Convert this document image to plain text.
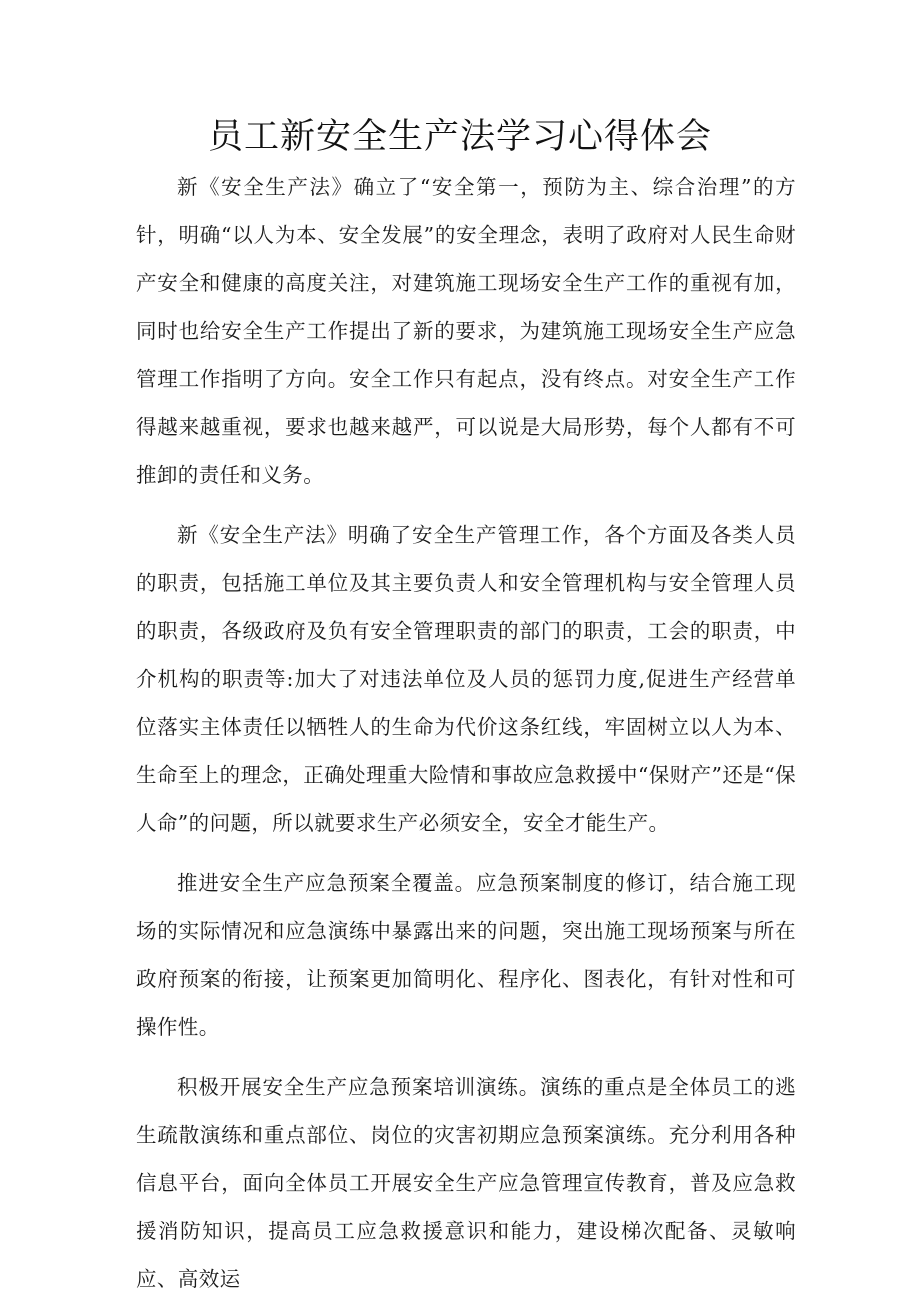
员工新安全生产法学习心得体会

新《安全生产法》确立了“安全第一，预防为主、综合治理”的方针，明确“以人为本、安全发展”的安全理念，表明了政府对人民生命财产安全和健康的高度关注，对建筑施工现场安全生产工作的重视有加，同时也给安全生产工作提出了新的要求，为建筑施工现场安全生产应急管理工作指明了方向。安全工作只有起点，没有终点。对安全生产工作得越来越重视，要求也越来越严，可以说是大局形势，每个人都有不可推卸的责任和义务。

新《安全生产法》明确了安全生产管理工作，各个方面及各类人员的职责，包括施工单位及其主要负责人和安全管理机构与安全管理人员的职责，各级政府及负有安全管理职责的部门的职责，工会的职责，中介机构的职责等:加大了对违法单位及人员的惩罚力度,促进生产经营单位落实主体责任以牺牲人的生命为代价这条红线，牢固树立以人为本、生命至上的理念，正确处理重大险情和事故应急救援中“保财产”还是“保人命”的问题，所以就要求生产必须安全，安全才能生产。

推进安全生产应急预案全覆盖。应急预案制度的修订，结合施工现场的实际情况和应急演练中暴露出来的问题，突出施工现场预案与所在政府预案的衔接，让预案更加简明化、程序化、图表化，有针对性和可操作性。

积极开展安全生产应急预案培训演练。演练的重点是全体员工的逃生疏散演练和重点部位、岗位的灾害初期应急预案演练。充分利用各种信息平台，面向全体员工开展安全生产应急管理宣传教育，普及应急救援消防知识，提高员工应急救援意识和能力，建设梯次配备、灵敏响应、高效运
